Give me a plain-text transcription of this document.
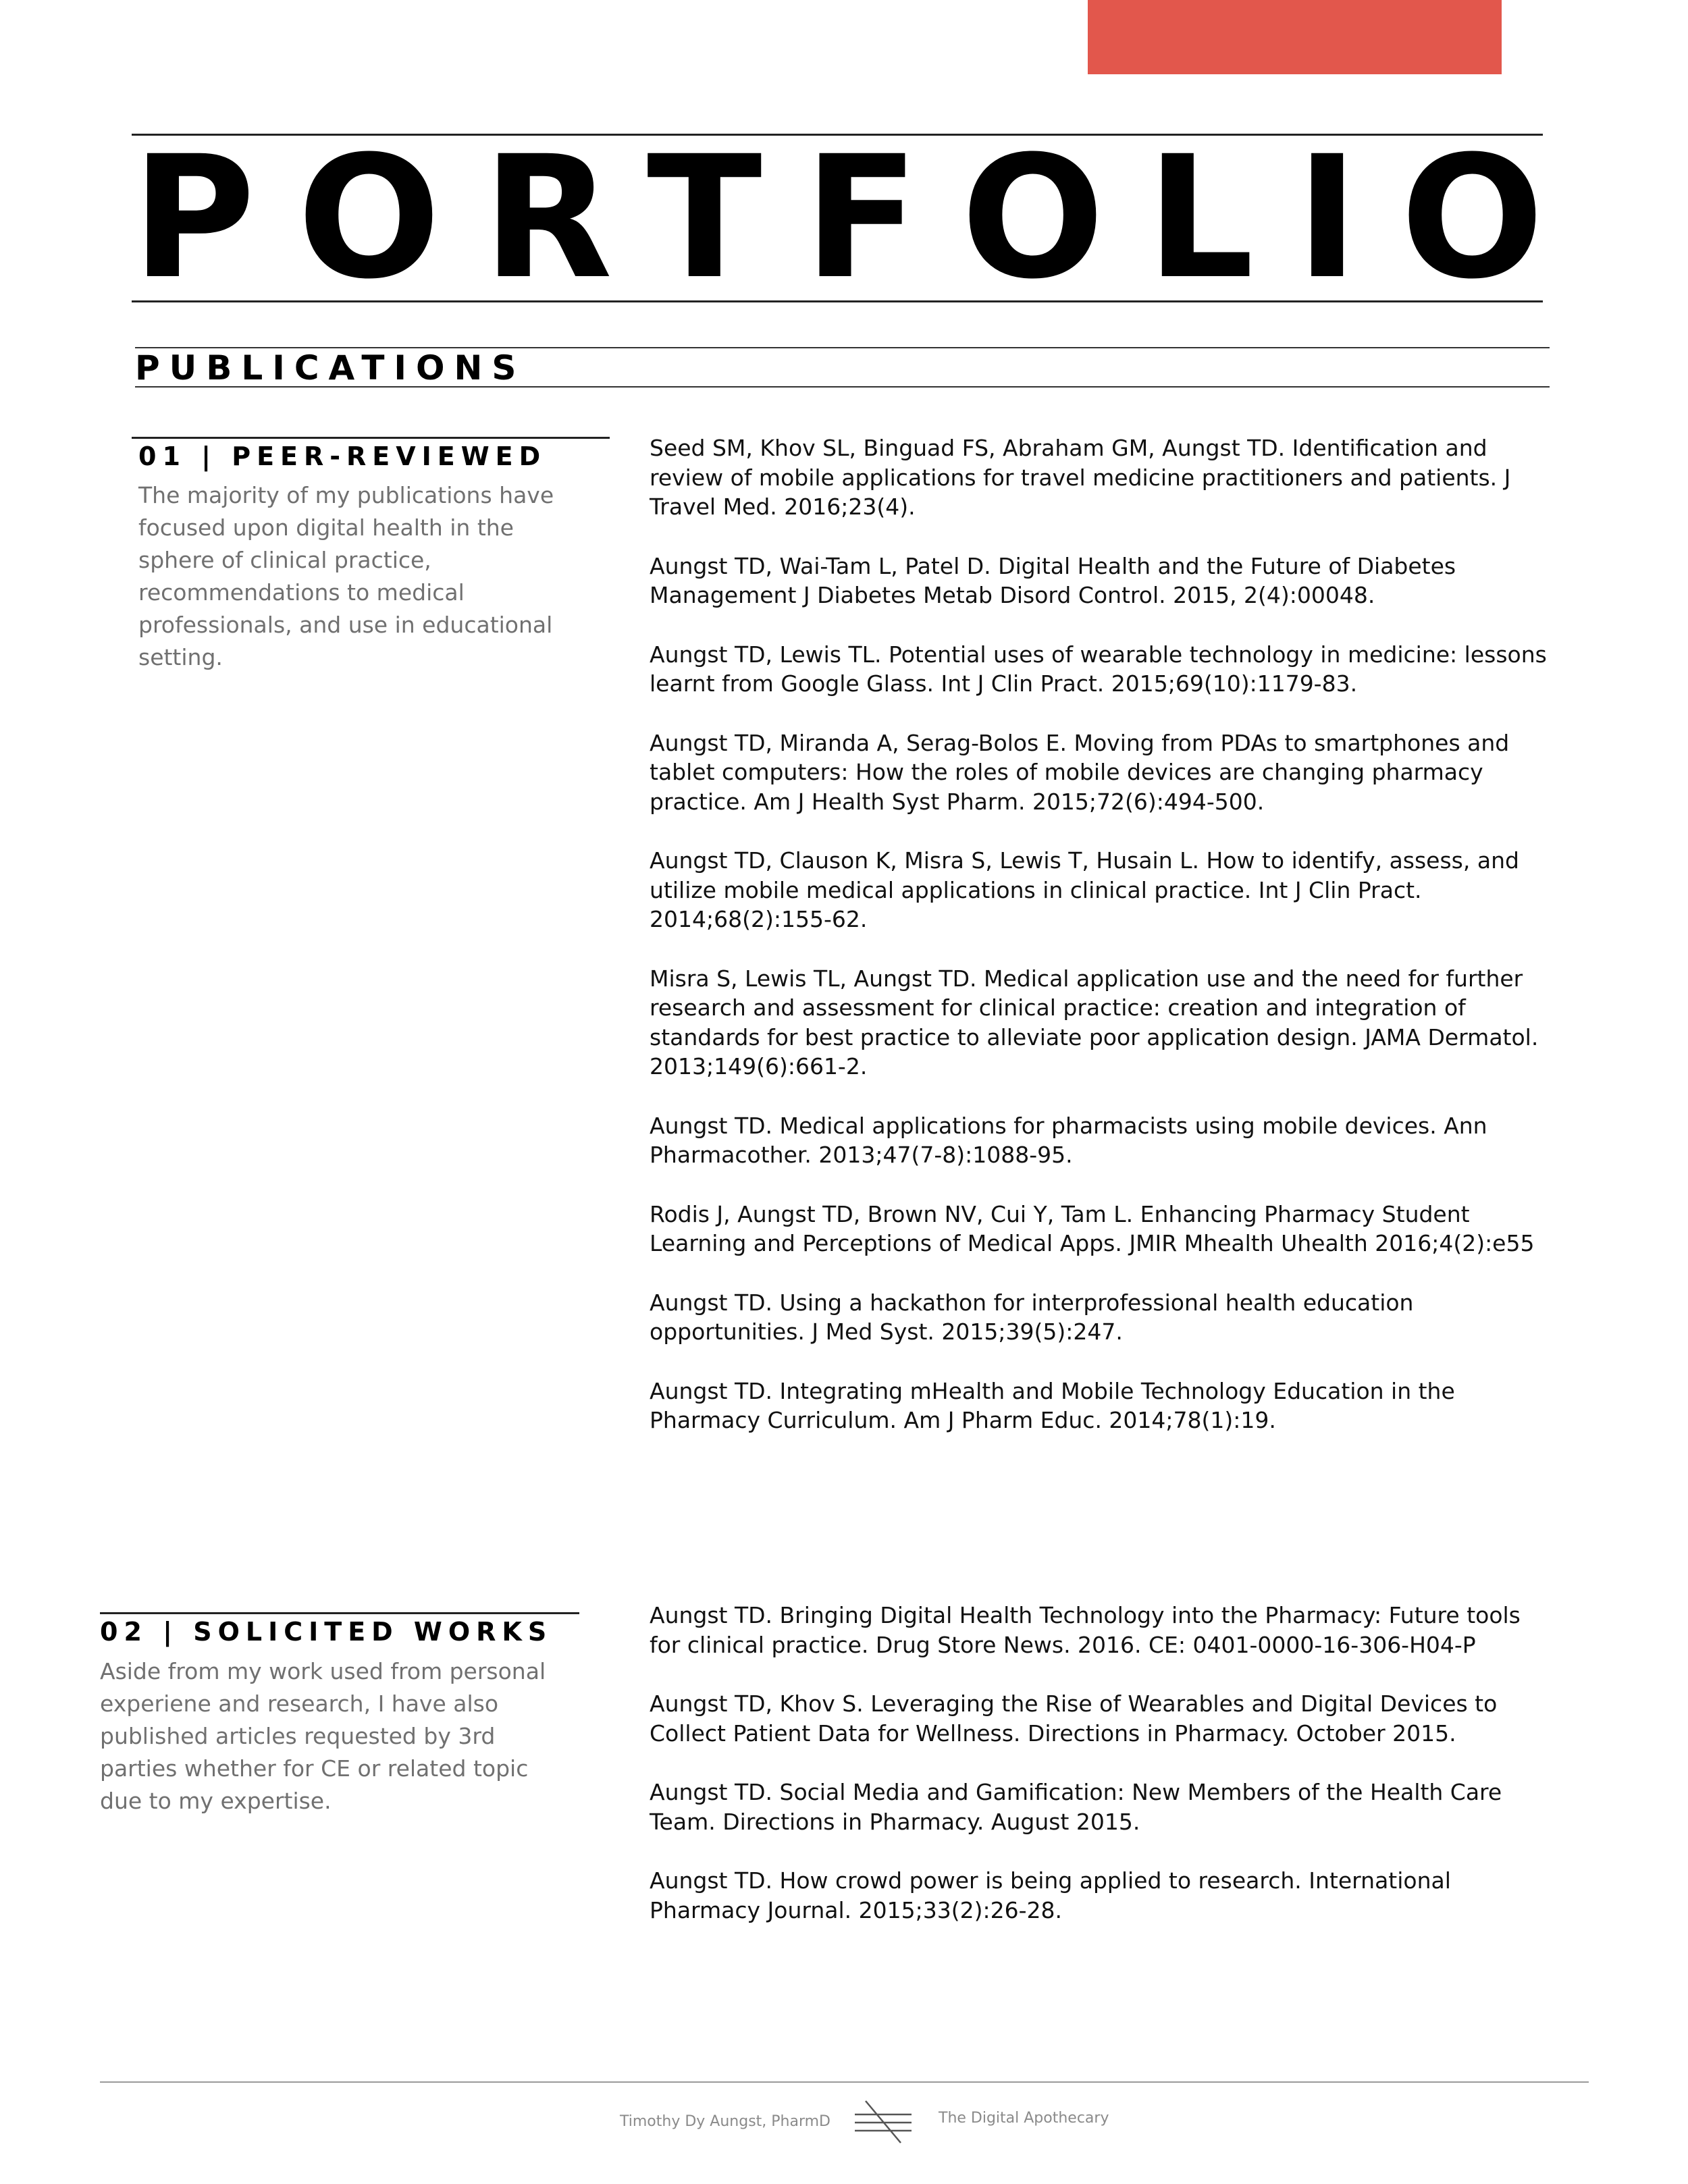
PORTFOLIO
PUBLICATIONS
01 | PEER-REVIEWED

The majority of my publications have focused upon digital health in the sphere of clinical practice, recommendations to medical professionals, and use in educational setting.

Seed SM, Khov SL, Binguad FS, Abraham GM, Aungst TD. Identification and review of mobile applications for travel medicine practitioners and patients. J Travel Med. 2016;23(4).
Aungst TD, Wai-Tam L, Patel D. Digital Health and the Future of Diabetes Management J Diabetes Metab Disord Control. 2015, 2(4):00048.
Aungst TD, Lewis TL. Potential uses of wearable technology in medicine: lessons learnt from Google Glass. Int J Clin Pract. 2015;69(10):1179-83.
Aungst TD, Miranda A, Serag-Bolos E. Moving from PDAs to smartphones and tablet computers: How the roles of mobile devices are changing pharmacy practice. Am J Health Syst Pharm. 2015;72(6):494-500.
Aungst TD, Clauson K, Misra S, Lewis T, Husain L. How to identify, assess, and utilize mobile medical applications in clinical practice. Int J Clin Pract. 2014;68(2):155-62.
Misra S, Lewis TL, Aungst TD. Medical application use and the need for further research and assessment for clinical practice: creation and integration of standards for best practice to alleviate poor application design. JAMA Dermatol. 2013;149(6):661-2.
Aungst TD. Medical applications for pharmacists using mobile devices. Ann Pharmacother. 2013;47(7-8):1088-95.
Rodis J, Aungst TD, Brown NV, Cui Y, Tam L. Enhancing Pharmacy Student Learning and Perceptions of Medical Apps. JMIR Mhealth Uhealth 2016;4(2):e55
Aungst TD. Using a hackathon for interprofessional health education opportunities. J Med Syst. 2015;39(5):247.
Aungst TD. Integrating mHealth and Mobile Technology Education in the Pharmacy Curriculum. Am J Pharm Educ. 2014;78(1):19.
02 | SOLICITED WORKS

Aside from my work used from personal experiene and research, I have also published articles requested by 3rd parties whether for CE or related topic due to my expertise.

Aungst TD. Bringing Digital Health Technology into the Pharmacy: Future tools for clinical practice. Drug Store News. 2016. CE: 0401-0000-16-306-H04-P
Aungst TD, Khov S. Leveraging the Rise of Wearables and Digital Devices to Collect Patient Data for Wellness. Directions in Pharmacy. October 2015.
Aungst TD. Social Media and Gamification: New Members of the Health Care Team. Directions in Pharmacy. August 2015.
Aungst TD. How crowd power is being applied to research. International Pharmacy Journal. 2015;33(2):26-28.

Timothy Dy Aungst, PharmD	The Digital Apothecary
